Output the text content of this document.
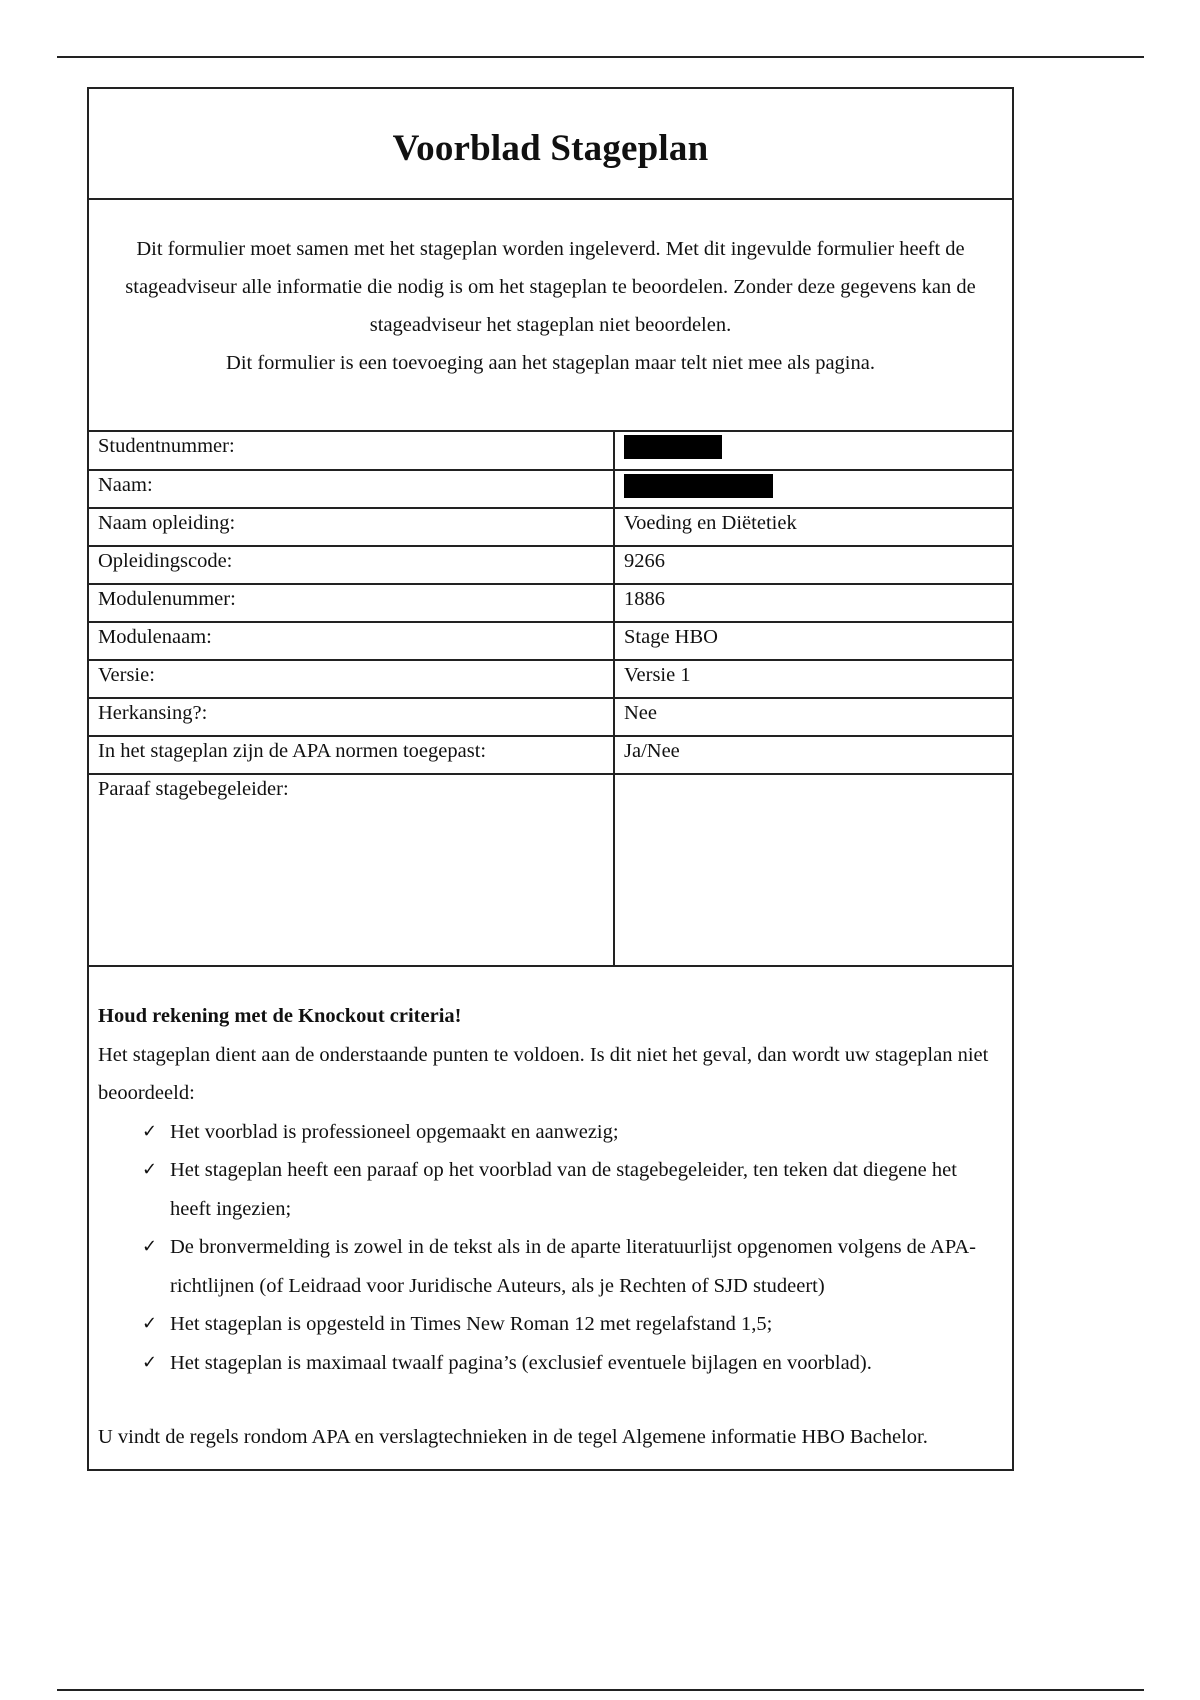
Voorblad Stageplan

Dit formulier moet samen met het stageplan worden ingeleverd. Met dit ingevulde formulier heeft de stageadviseur alle informatie die nodig is om het stageplan te beoordelen. Zonder deze gegevens kan de stageadviseur het stageplan niet beoordelen.

Dit formulier is een toevoeging aan het stageplan maar telt niet mee als pagina.

Studentnummer:	
Naam:	
Naam opleiding:	Voeding en Diëtetiek
Opleidingscode:	9266
Modulenummer:	1886
Modulenaam:	Stage HBO
Versie:	Versie 1
Herkansing?:	Nee
In het stageplan zijn de APA normen toegepast:	Ja/Nee
Paraaf stagebegeleider:	

Houd rekening met de Knockout criteria!

Het stageplan dient aan de onderstaande punten te voldoen. Is dit niet het geval, dan wordt uw stageplan niet beoordeeld:

✓ Het voorblad is professioneel opgemaakt en aanwezig;
✓ Het stageplan heeft een paraaf op het voorblad van de stagebegeleider, ten teken dat diegene het heeft ingezien;
✓ De bronvermelding is zowel in de tekst als in de aparte literatuurlijst opgenomen volgens de APA-richtlijnen (of Leidraad voor Juridische Auteurs, als je Rechten of SJD studeert)
✓ Het stageplan is opgesteld in Times New Roman 12 met regelafstand 1,5;
✓ Het stageplan is maximaal twaalf pagina’s (exclusief eventuele bijlagen en voorblad).

U vindt de regels rondom APA en verslagtechnieken in de tegel Algemene informatie HBO Bachelor.
